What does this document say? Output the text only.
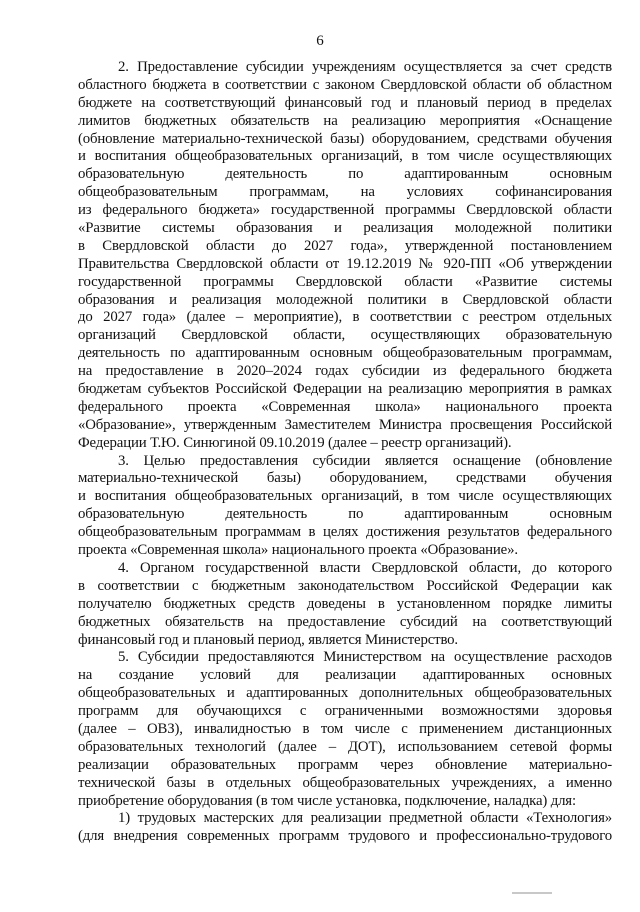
6
2. Предоставление субсидии учреждениям осуществляется за счет средств
областного бюджета в соответствии с законом Свердловской области об областном
бюджете на соответствующий финансовый год и плановый период в пределах
лимитов бюджетных обязательств на реализацию мероприятия «Оснащение
(обновление материально-технической базы) оборудованием, средствами обучения
и воспитания общеобразовательных организаций, в том числе осуществляющих
образовательную деятельность по адаптированным основным
общеобразовательным программам, на условиях софинансирования
из федерального бюджета» государственной программы Свердловской области
«Развитие системы образования и реализация молодежной политики
в Свердловской области до 2027 года», утвержденной постановлением
Правительства Свердловской области от 19.12.2019 № 920-ПП «Об утверждении
государственной программы Свердловской области «Развитие системы
образования и реализация молодежной политики в Свердловской области
до 2027 года» (далее – мероприятие), в соответствии с реестром отдельных
организаций Свердловской области, осуществляющих образовательную
деятельность по адаптированным основным общеобразовательным программам,
на предоставление в 2020–2024 годах субсидии из федерального бюджета
бюджетам субъектов Российской Федерации на реализацию мероприятия в рамках
федерального проекта «Современная школа» национального проекта
«Образование», утвержденным Заместителем Министра просвещения Российской
Федерации Т.Ю. Синюгиной 09.10.2019 (далее – реестр организаций).
3. Целью предоставления субсидии является оснащение (обновление
материально-технической базы) оборудованием, средствами обучения
и воспитания общеобразовательных организаций, в том числе осуществляющих
образовательную деятельность по адаптированным основным
общеобразовательным программам в целях достижения результатов федерального
проекта «Современная школа» национального проекта «Образование».
4. Органом государственной власти Свердловской области, до которого
в соответствии с бюджетным законодательством Российской Федерации как
получателю бюджетных средств доведены в установленном порядке лимиты
бюджетных обязательств на предоставление субсидий на соответствующий
финансовый год и плановый период, является Министерство.
5. Субсидии предоставляются Министерством на осуществление расходов
на создание условий для реализации адаптированных основных
общеобразовательных и адаптированных дополнительных общеобразовательных
программ для обучающихся с ограниченными возможностями здоровья
(далее – ОВЗ), инвалидностью в том числе с применением дистанционных
образовательных технологий (далее – ДОТ), использованием сетевой формы
реализации образовательных программ через обновление материально-
технической базы в отдельных общеобразовательных учреждениях, а именно
приобретение оборудования (в том числе установка, подключение, наладка) для:
1) трудовых мастерских для реализации предметной области «Технология»
(для внедрения современных программ трудового и профессионально-трудового
